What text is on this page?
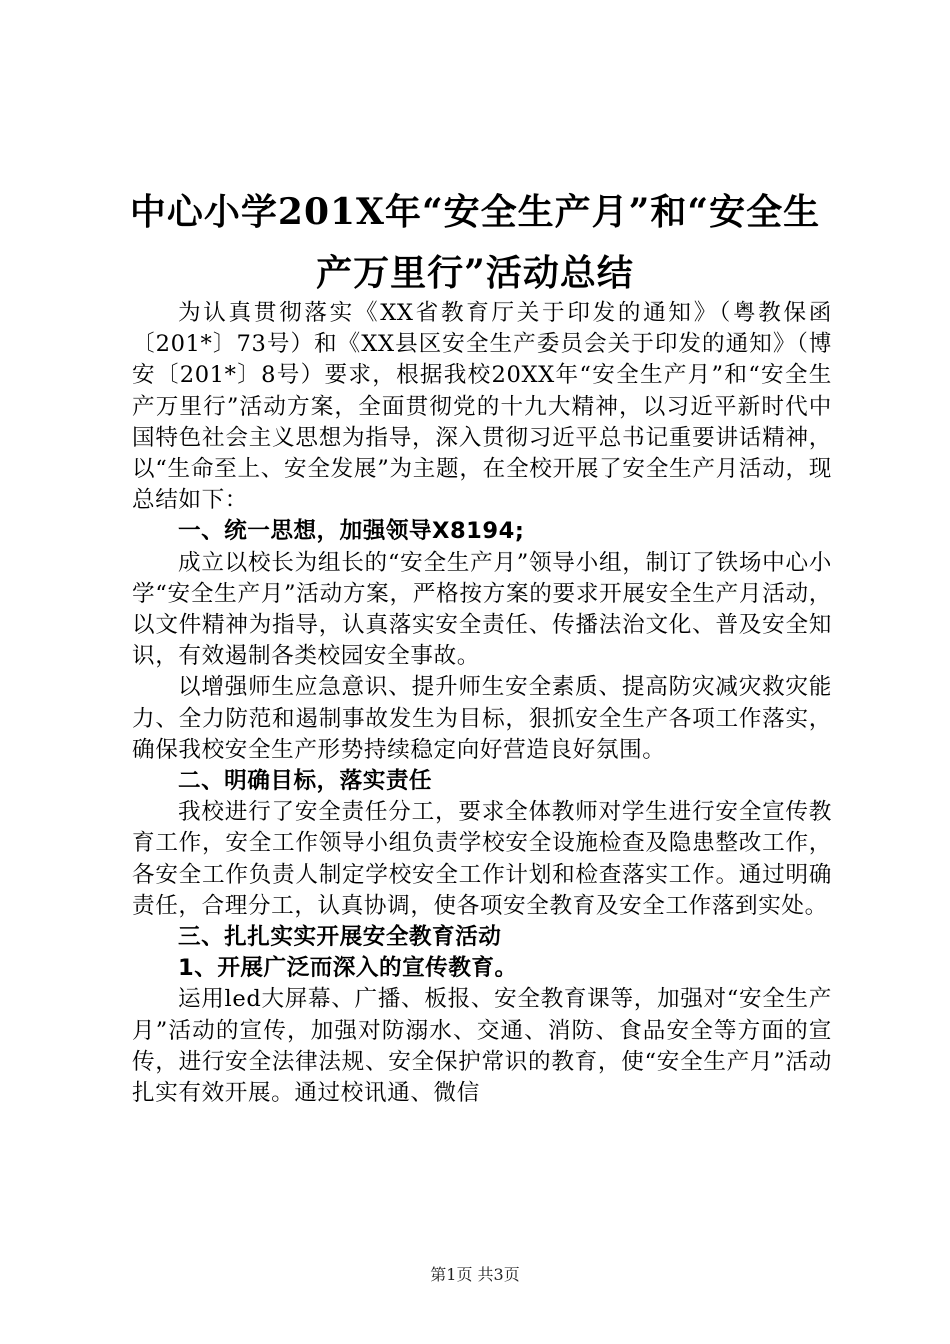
中心小学201X年“安全生产月”和“安全生
产万里行”活动总结

为认真贯彻落实《XX省教育厅关于印发的通知》（粤教保函〔201*〕73号）和《XX县区安全生产委员会关于印发的通知》（博安〔201*〕8号）要求，根据我校20XX年“安全生产月”和“安全生产万里行”活动方案，全面贯彻党的十九大精神，以习近平新时代中国特色社会主义思想为指导，深入贯彻习近平总书记重要讲话精神，以“生命至上、安全发展”为主题，在全校开展了安全生产月活动，现总结如下：

一、统一思想，加强领导X8194;

成立以校长为组长的“安全生产月”领导小组，制订了铁场中心小学“安全生产月”活动方案，严格按方案的要求开展安全生产月活动，以文件精神为指导，认真落实安全责任、传播法治文化、普及安全知识，有效遏制各类校园安全事故。

以增强师生应急意识、提升师生安全素质、提高防灾减灾救灾能力、全力防范和遏制事故发生为目标，狠抓安全生产各项工作落实，确保我校安全生产形势持续稳定向好营造良好氛围。

二、明确目标，落实责任

我校进行了安全责任分工，要求全体教师对学生进行安全宣传教育工作，安全工作领导小组负责学校安全设施检查及隐患整改工作，各安全工作负责人制定学校安全工作计划和检查落实工作。通过明确责任，合理分工，认真协调，使各项安全教育及安全工作落到实处。

三、扎扎实实开展安全教育活动

1、开展广泛而深入的宣传教育。

运用led大屏幕、广播、板报、安全教育课等，加强对“安全生产月”活动的宣传，加强对防溺水、交通、消防、食品安全等方面的宣传，进行安全法律法规、安全保护常识的教育，使“安全生产月”活动扎实有效开展。通过校讯通、微信

第1页 共3页
